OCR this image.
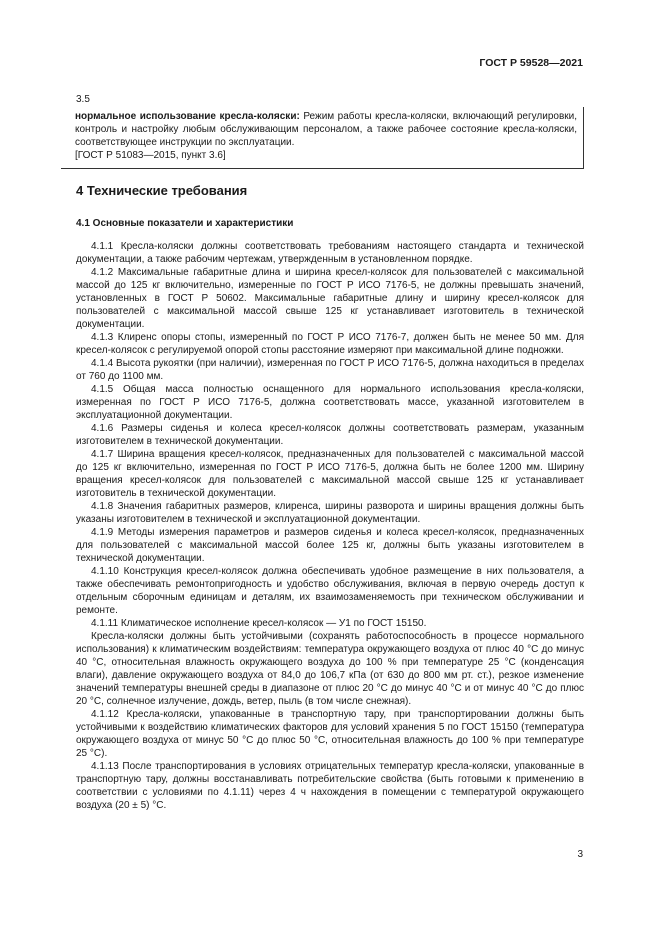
ГОСТ Р 59528—2021
3.5
нормальное использование кресла-коляски: Режим работы кресла-коляски, включающий регулировки, контроль и настройку любым обслуживающим персоналом, а также рабочее состояние кресла-коляски, соответствующее инструкции по эксплуатации.
[ГОСТ Р 51083—2015, пункт 3.6]
4 Технические требования
4.1 Основные показатели и характеристики
4.1.1 Кресла-коляски должны соответствовать требованиям настоящего стандарта и технической документации, а также рабочим чертежам, утвержденным в установленном порядке.
4.1.2 Максимальные габаритные длина и ширина кресел-колясок для пользователей с максимальной массой до 125 кг включительно, измеренные по ГОСТ Р ИСО 7176-5, не должны превышать значений, установленных в ГОСТ Р 50602. Максимальные габаритные длину и ширину кресел-колясок для пользователей с максимальной массой свыше 125 кг устанавливает изготовитель в технической документации.
4.1.3 Клиренс опоры стопы, измеренный по ГОСТ Р ИСО 7176-7, должен быть не менее 50 мм. Для кресел-колясок с регулируемой опорой стопы расстояние измеряют при максимальной длине подножки.
4.1.4 Высота рукоятки (при наличии), измеренная по ГОСТ Р ИСО 7176-5, должна находиться в пределах от 760 до 1100 мм.
4.1.5 Общая масса полностью оснащенного для нормального использования кресла-коляски, измеренная по ГОСТ Р ИСО 7176-5, должна соответствовать массе, указанной изготовителем в эксплуатационной документации.
4.1.6 Размеры сиденья и колеса кресел-колясок должны соответствовать размерам, указанным изготовителем в технической документации.
4.1.7 Ширина вращения кресел-колясок, предназначенных для пользователей с максимальной массой до 125 кг включительно, измеренная по ГОСТ Р ИСО 7176-5, должна быть не более 1200 мм. Ширину вращения кресел-колясок для пользователей с максимальной массой свыше 125 кг устанавливает изготовитель в технической документации.
4.1.8 Значения габаритных размеров, клиренса, ширины разворота и ширины вращения должны быть указаны изготовителем в технической и эксплуатационной документации.
4.1.9 Методы измерения параметров и размеров сиденья и колеса кресел-колясок, предназначенных для пользователей с максимальной массой более 125 кг, должны быть указаны изготовителем в технической документации.
4.1.10 Конструкция кресел-колясок должна обеспечивать удобное размещение в них пользователя, а также обеспечивать ремонтопригодность и удобство обслуживания, включая в первую очередь доступ к отдельным сборочным единицам и деталям, их взаимозаменяемость при техническом обслуживании и ремонте.
4.1.11 Климатическое исполнение кресел-колясок — У1 по ГОСТ 15150.
Кресла-коляски должны быть устойчивыми (сохранять работоспособность в процессе нормального использования) к климатическим воздействиям: температура окружающего воздуха от плюс 40 °С до минус 40 °С, относительная влажность окружающего воздуха до 100 % при температуре 25 °С (конденсация влаги), давление окружающего воздуха от 84,0 до 106,7 кПа (от 630 до 800 мм рт. ст.), резкое изменение значений температуры внешней среды в диапазоне от плюс 20 °С до минус 40 °С и от минус 40 °С до плюс 20 °С, солнечное излучение, дождь, ветер, пыль (в том числе снежная).
4.1.12 Кресла-коляски, упакованные в транспортную тару, при транспортировании должны быть устойчивыми к воздействию климатических факторов для условий хранения 5 по ГОСТ 15150 (температура окружающего воздуха от минус 50 °С до плюс 50 °С, относительная влажность до 100 % при температуре 25 °С).
4.1.13 После транспортирования в условиях отрицательных температур кресла-коляски, упакованные в транспортную тару, должны восстанавливать потребительские свойства (быть готовыми к применению в соответствии с условиями по 4.1.11) через 4 ч нахождения в помещении с температурой окружающего воздуха (20 ± 5) °С.
3
